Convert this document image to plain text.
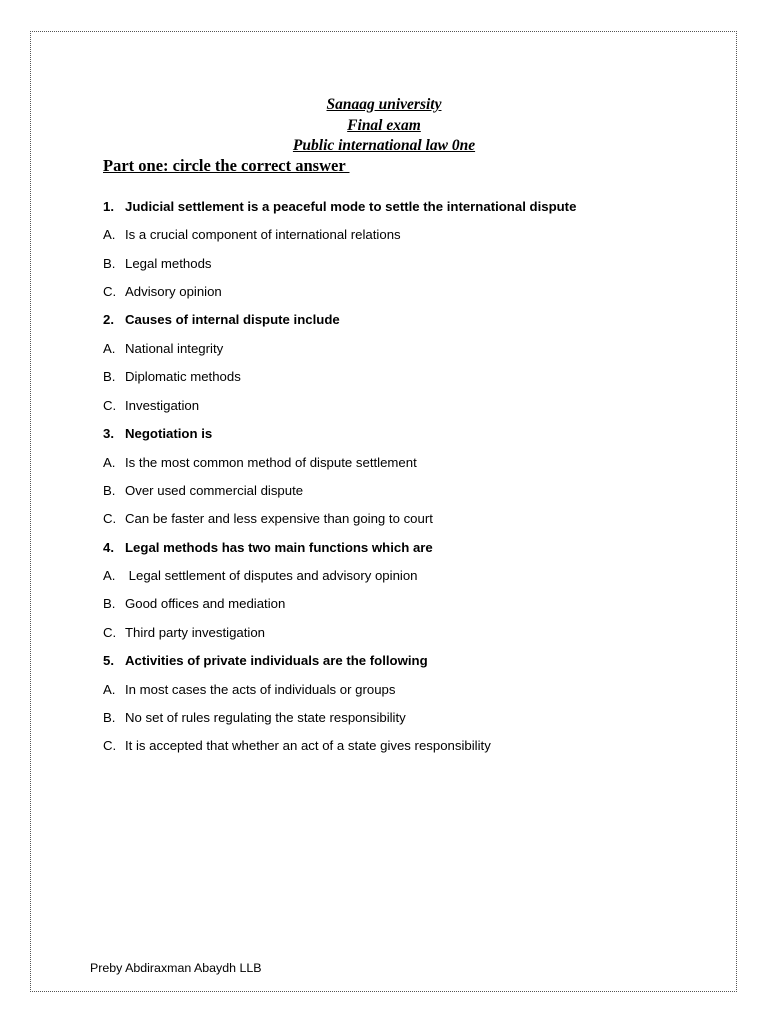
Sanaag university
Final exam
Public international law 0ne
Part one: circle the correct answer
1. Judicial settlement is a peaceful mode to settle the international dispute
A. Is a crucial component of international relations
B. Legal methods
C. Advisory opinion
2. Causes of internal dispute include
A. National integrity
B. Diplomatic methods
C. Investigation
3. Negotiation is
A. Is the most common method of dispute settlement
B. Over used commercial dispute
C. Can be faster and less expensive than going to court
4. Legal methods has two main functions which are
A. Legal settlement of disputes and advisory opinion
B. Good offices and mediation
C. Third party investigation
5. Activities of private individuals are the following
A. In most cases the acts of individuals or groups
B. No set of rules regulating the state responsibility
C. It is accepted that whether an act of a state gives responsibility
Preby Abdiraxman Abaydh LLB
